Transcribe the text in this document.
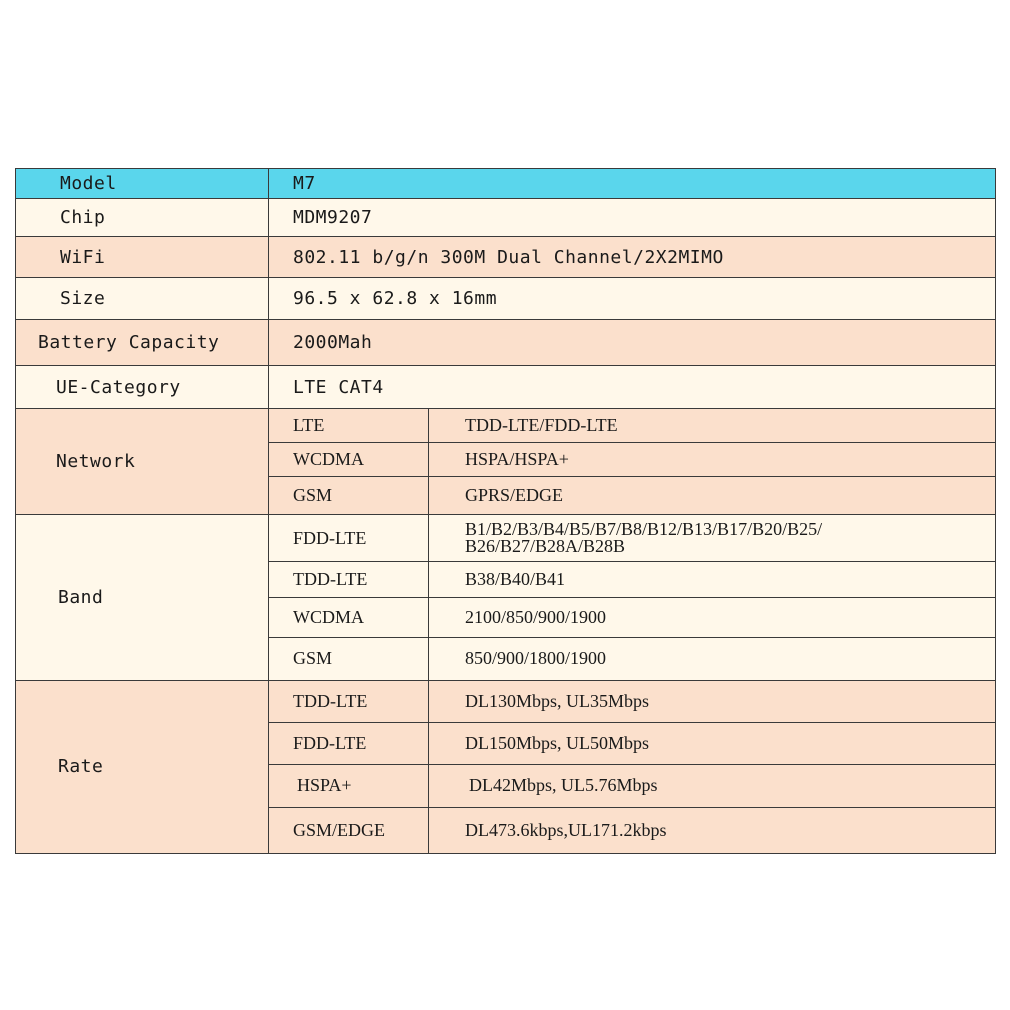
Model	M7	
Chip	MDM9207	
WiFi	802.11 b/g/n 300M Dual Channel/2X2MIMO	
Size	96.5 x 62.8 x 16mm	
Battery Capacity	2000Mah	
UE-Category	LTE CAT4	
Network	LTE	TDD-LTE/FDD-LTE
	WCDMA	HSPA/HSPA+
	GSM	GPRS/EDGE
Band	FDD-LTE	B1/B2/B3/B4/B5/B7/B8/B12/B13/B17/B20/B25/
B26/B27/B28A/B28B

	TDD-LTE	B38/B40/B41
	WCDMA	2100/850/900/1900
	GSM	850/900/1800/1900
Rate	TDD-LTE	DL130Mbps, UL35Mbps
	FDD-LTE	DL150Mbps, UL50Mbps
	HSPA+	DL42Mbps, UL5.76Mbps
	GSM/EDGE	DL473.6kbps,UL171.2kbps
